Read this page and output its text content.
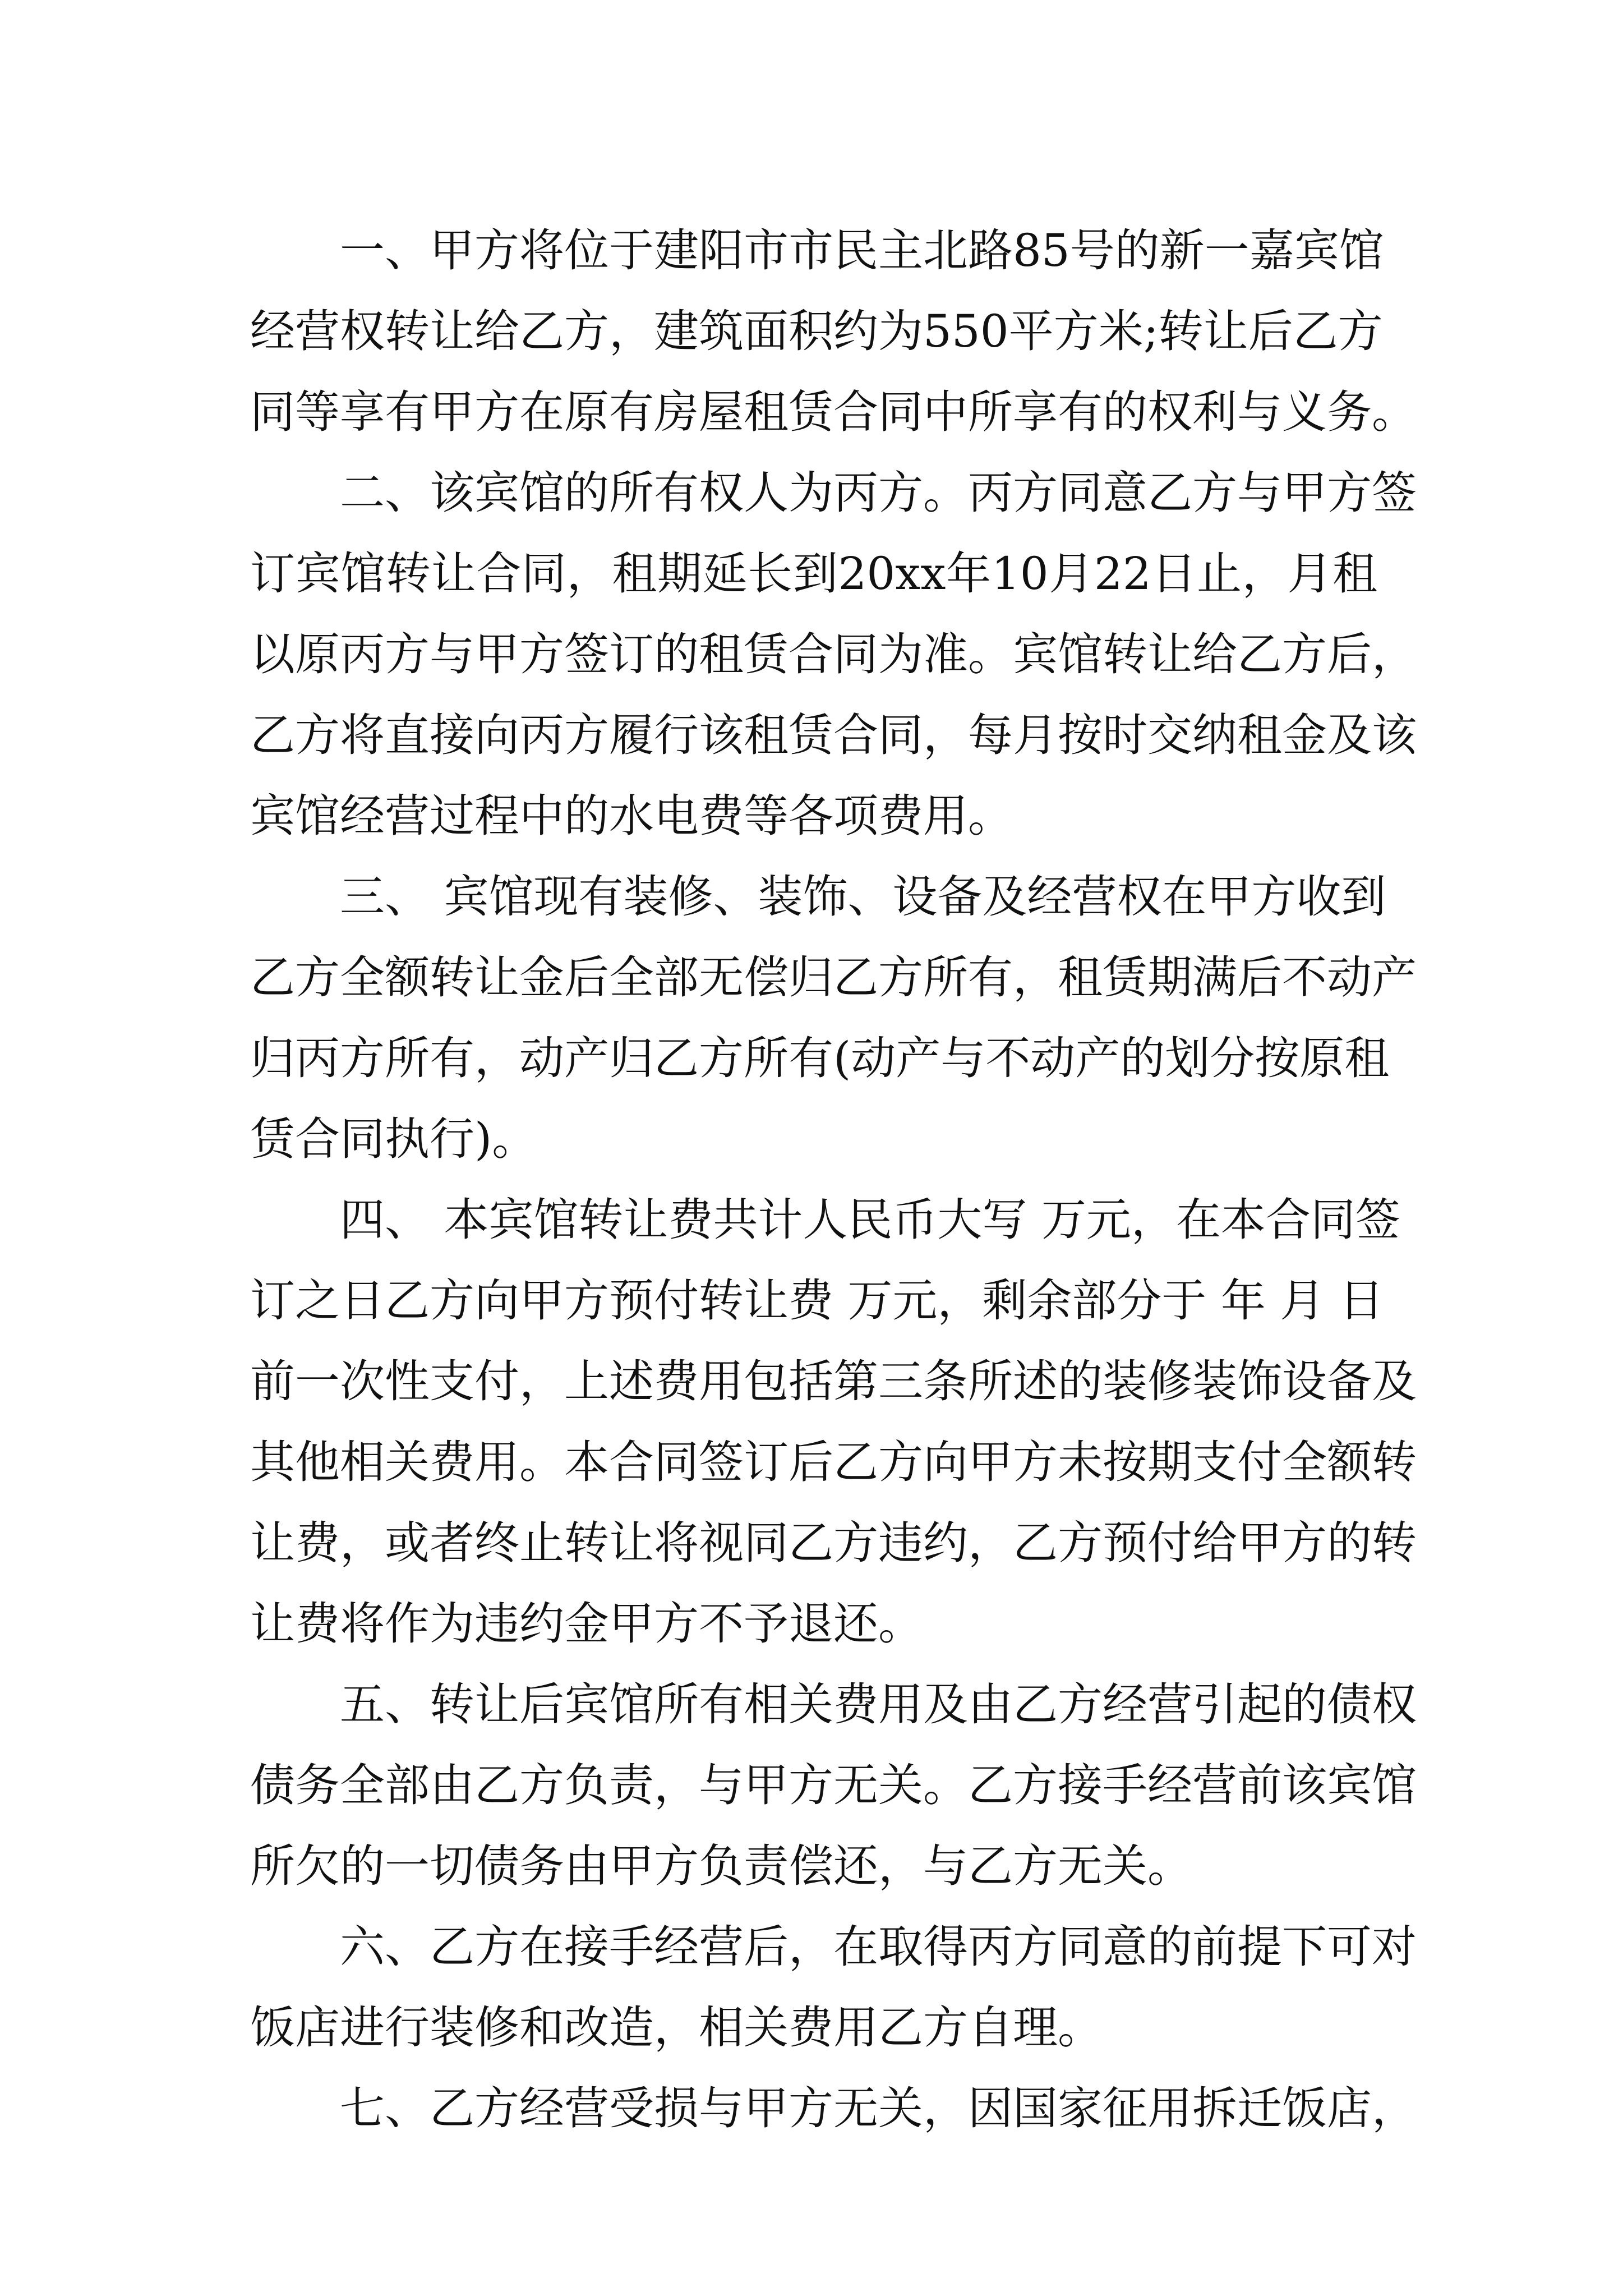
一、甲方将位于建阳市市民主北路85号的新一嘉宾馆
经营权转让给乙方，建筑面积约为550平方米;转让后乙方
同等享有甲方在原有房屋租赁合同中所享有的权利与义务。
二、该宾馆的所有权人为丙方。丙方同意乙方与甲方签
订宾馆转让合同，租期延长到20xx年10月22日止，月租
以原丙方与甲方签订的租赁合同为准。宾馆转让给乙方后，
乙方将直接向丙方履行该租赁合同，每月按时交纳租金及该
宾馆经营过程中的水电费等各项费用。
三、 宾馆现有装修、装饰、设备及经营权在甲方收到
乙方全额转让金后全部无偿归乙方所有，租赁期满后不动产
归丙方所有，动产归乙方所有(动产与不动产的划分按原租
赁合同执行)。
四、 本宾馆转让费共计人民币大写 万元，在本合同签
订之日乙方向甲方预付转让费 万元，剩余部分于 年 月 日
前一次性支付，上述费用包括第三条所述的装修装饰设备及
其他相关费用。本合同签订后乙方向甲方未按期支付全额转
让费，或者终止转让将视同乙方违约，乙方预付给甲方的转
让费将作为违约金甲方不予退还。
五、转让后宾馆所有相关费用及由乙方经营引起的债权
债务全部由乙方负责，与甲方无关。乙方接手经营前该宾馆
所欠的一切债务由甲方负责偿还，与乙方无关。
六、乙方在接手经营后，在取得丙方同意的前提下可对
饭店进行装修和改造，相关费用乙方自理。
七、乙方经营受损与甲方无关，因国家征用拆迁饭店，
